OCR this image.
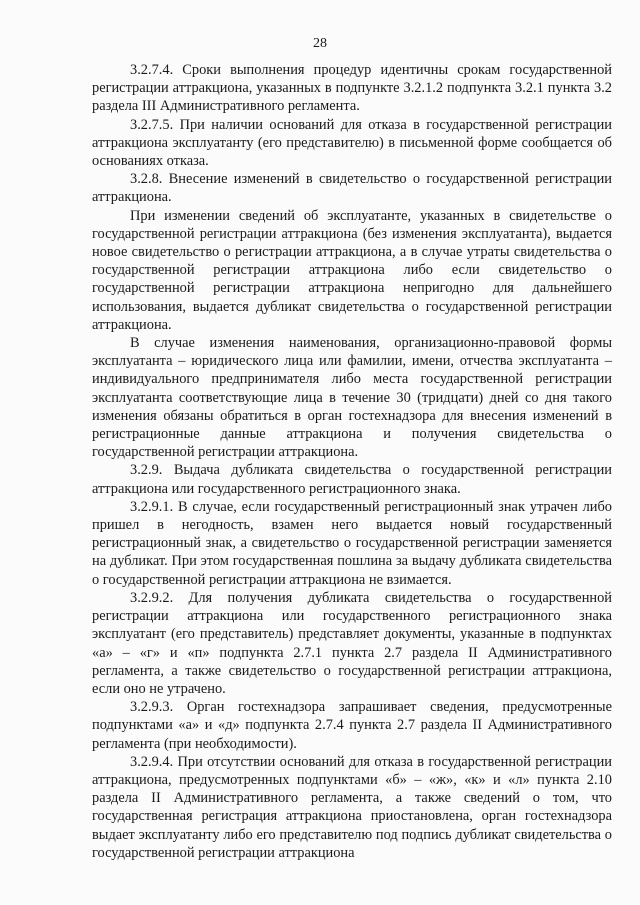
28

3.2.7.4. Сроки выполнения процедур идентичны срокам государственной регистрации аттракциона, указанных в подпункте 3.2.1.2 подпункта 3.2.1 пункта 3.2 раздела III Административного регламента.

3.2.7.5. При наличии оснований для отказа в государственной регистрации аттракциона эксплуатанту (его представителю) в письменной форме сообщается об основаниях отказа.

3.2.8. Внесение изменений в свидетельство о государственной регистрации аттракциона.

При изменении сведений об эксплуатанте, указанных в свидетельстве о государственной регистрации аттракциона (без изменения эксплуатанта), выдается новое свидетельство о регистрации аттракциона, а в случае утраты свидетельства о государственной регистрации аттракциона либо если свидетельство о государственной регистрации аттракциона непригодно для дальнейшего использования, выдается дубликат свидетельства о государственной регистрации аттракциона.

В случае изменения наименования, организационно-правовой формы эксплуатанта – юридического лица или фамилии, имени, отчества эксплуатанта – индивидуального предпринимателя либо места государственной регистрации эксплуатанта соответствующие лица в течение 30 (тридцати) дней со дня такого изменения обязаны обратиться в орган гостехнадзора для внесения изменений в регистрационные данные аттракциона и получения свидетельства о государственной регистрации аттракциона.

3.2.9. Выдача дубликата свидетельства о государственной регистрации аттракциона или государственного регистрационного знака.

3.2.9.1. В случае, если государственный регистрационный знак утрачен либо пришел в негодность, взамен него выдается новый государственный регистрационный знак, а свидетельство о государственной регистрации заменяется на дубликат. При этом государственная пошлина за выдачу дубликата свидетельства о государственной регистрации аттракциона не взимается.

3.2.9.2. Для получения дубликата свидетельства о государственной регистрации аттракциона или государственного регистрационного знака эксплуатант (его представитель) представляет документы, указанные в подпунктах «а» – «г» и «п» подпункта 2.7.1 пункта 2.7 раздела II Административного регламента, а также свидетельство о государственной регистрации аттракциона, если оно не утрачено.

3.2.9.3. Орган гостехнадзора запрашивает сведения, предусмотренные подпунктами «а» и «д» подпункта 2.7.4 пункта 2.7 раздела II Административного регламента (при необходимости).

3.2.9.4. При отсутствии оснований для отказа в государственной регистрации аттракциона, предусмотренных подпунктами «б» – «ж», «к» и «л» пункта 2.10 раздела II Административного регламента, а также сведений о том, что государственная регистрация аттракциона приостановлена, орган гостехнадзора выдает эксплуатанту либо его представителю под подпись дубликат свидетельства о государственной регистрации аттракциона
